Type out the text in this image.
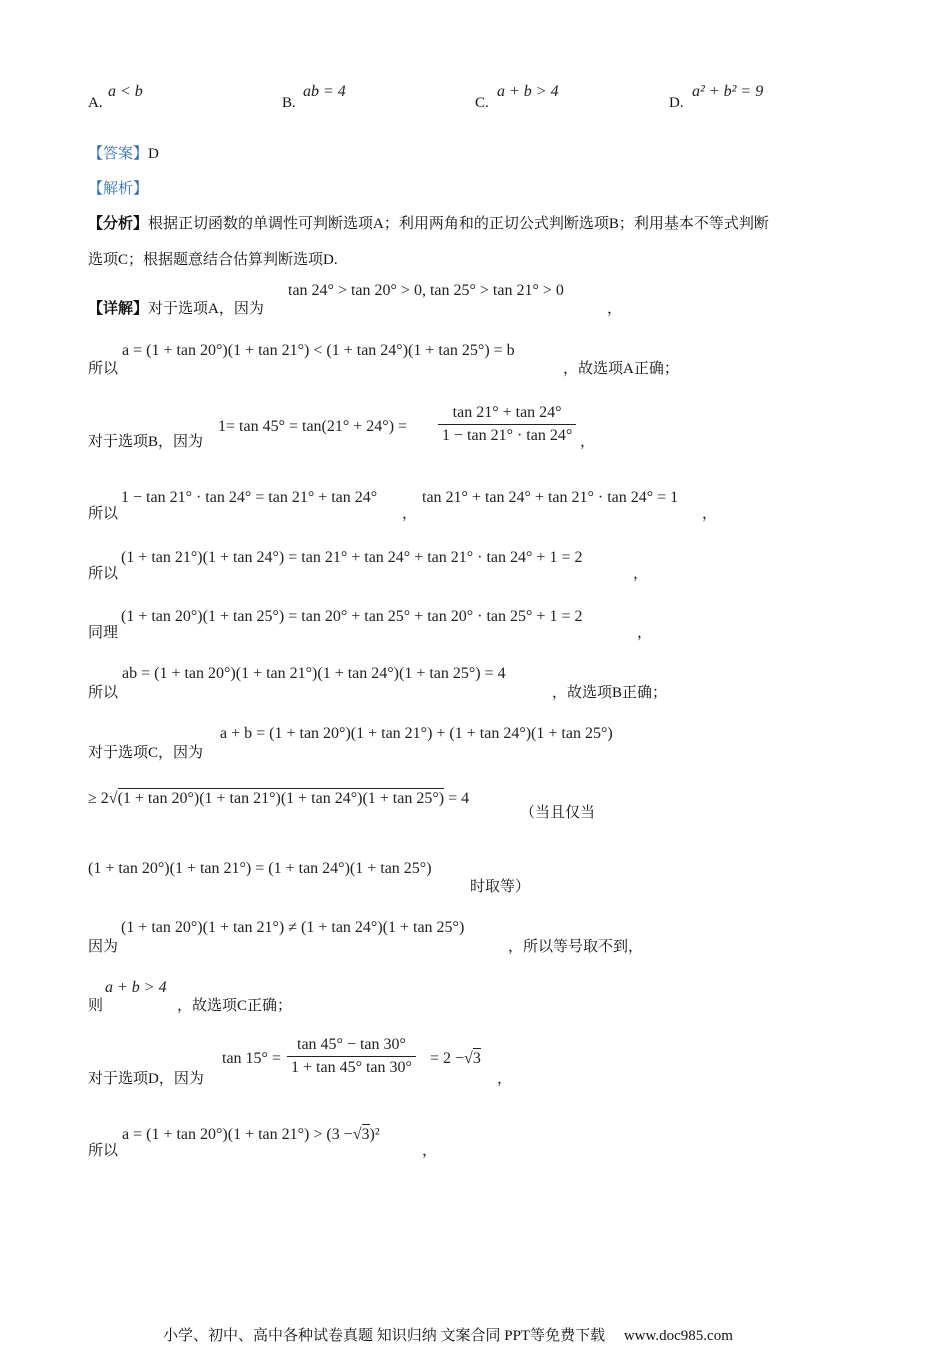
A.
a < b
B.
ab = 4
C.
a + b > 4
D.
a² + b² = 9
【答案】D
【解析】
【分析】根据正切函数的单调性可判断选项A；利用两角和的正切公式判断选项B；利用基本不等式判断
选项C；根据题意结合估算判断选项D.
【详解】对于选项A，因为
tan 24° > tan 20° > 0, tan 25° > tan 21° > 0
，
所以
a = (1 + tan 20°)(1 + tan 21°) < (1 + tan 24°)(1 + tan 25°) = b
，故选项A正确；
对于选项B，因为
$1= \tan 45^\circ = \tan(21^\circ + 24^\circ) = \frac{\tan 21^\circ + \tan 24^\circ}{1 - \tan 21^\circ \cdot \tan 24^\circ}$ ，
所以
1 − tan 21° · tan 24° = tan 21° + tan 24°
，
tan 21° + tan 24° + tan 21° · tan 24° = 1
，
所以
(1 + tan 21°)(1 + tan 24°) = tan 21° + tan 24° + tan 21° · tan 24° + 1 = 2
，
同理
(1 + tan 20°)(1 + tan 25°) = tan 20° + tan 25° + tan 20° · tan 25° + 1 = 2
，
所以
ab = (1 + tan 20°)(1 + tan 21°)(1 + tan 24°)(1 + tan 25°) = 4
，故选项B正确；
对于选项C，因为
a + b = (1 + tan 20°)(1 + tan 21°) + (1 + tan 24°)(1 + tan 25°)
≥ 2√(1 + tan 20°)(1 + tan 21°)(1 + tan 24°)(1 + tan 25°) = 4
（当且仅当
(1 + tan 20°)(1 + tan 21°) = (1 + tan 24°)(1 + tan 25°)
时取等）
因为
(1 + tan 20°)(1 + tan 21°) ≠ (1 + tan 24°)(1 + tan 25°)
，所以等号取不到，
则
a + b > 4
，故选项C正确；
对于选项D，因为
$\tan 15^\circ = \frac{\tan 45^\circ - \tan 30^\circ}{1 + \tan 45^\circ \tan 30^\circ} = 2 -√3$
，
所以
a = (1 + tan 20°)(1 + tan 21°) > (3 −√3)²
，
小学、初中、高中各种试卷真题 知识归纳 文案合同 PPT等免费下载　 www.doc985.com
